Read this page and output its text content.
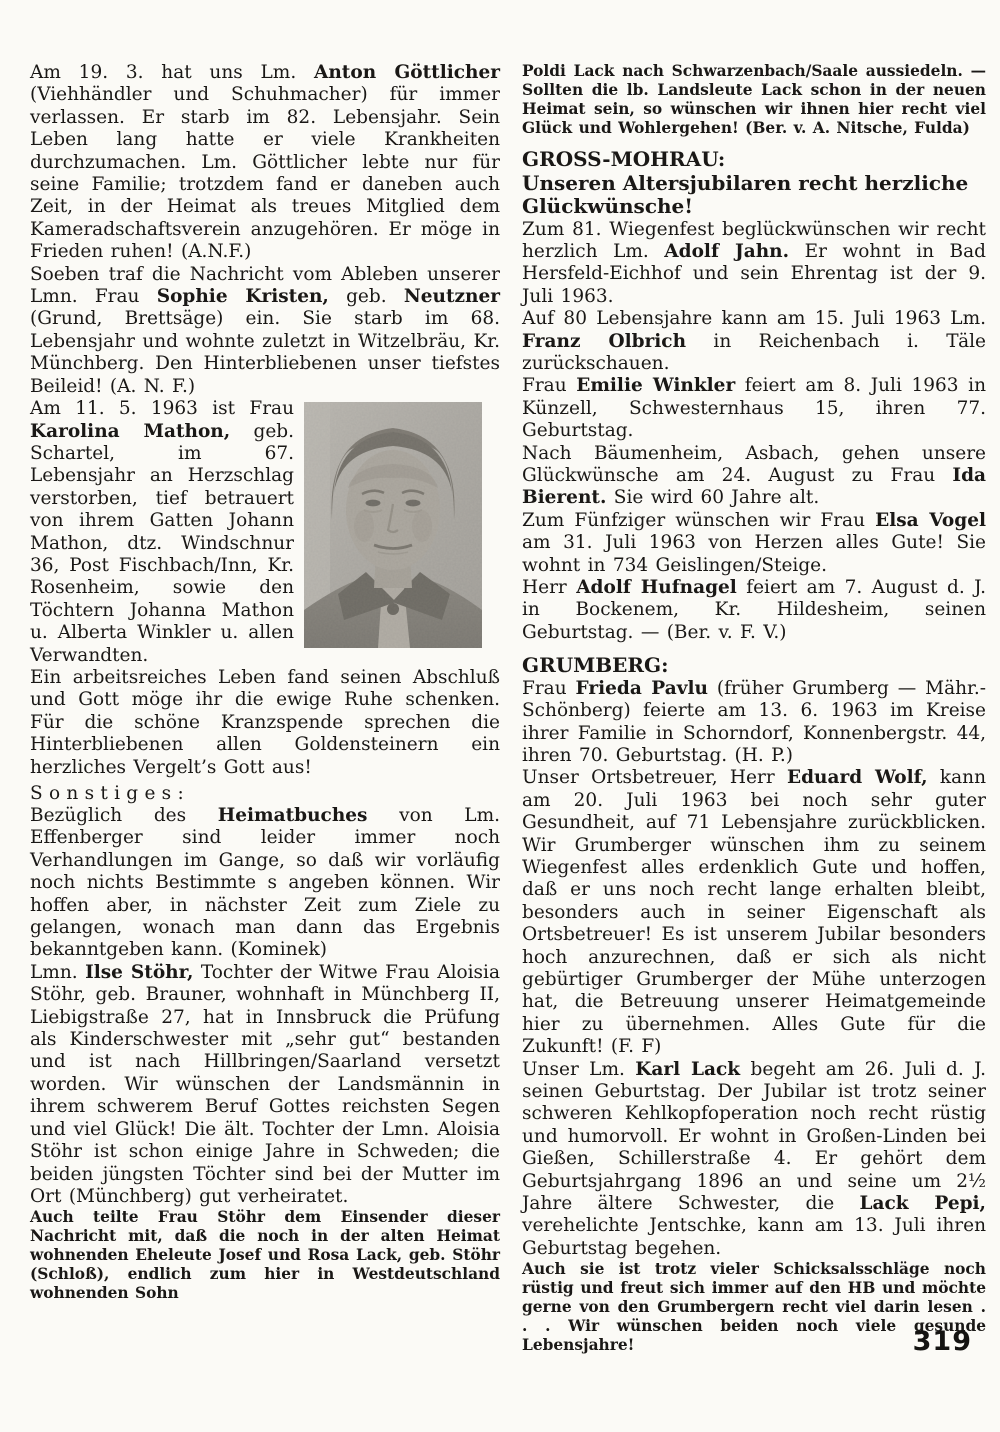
Am 19. 3. hat uns Lm. Anton Göttlicher (Viehhändler und Schuhmacher) für immer verlassen. Er starb im 82. Lebensjahr. Sein Leben lang hatte er viele Krankheiten durchzumachen. Lm. Göttlicher lebte nur für seine Familie; trotzdem fand er daneben auch Zeit, in der Heimat als treues Mitglied dem Kameradschaftsverein anzugehören. Er möge in Frieden ruhen! (A.N.F.)

Soeben traf die Nachricht vom Ableben unserer Lmn. Frau Sophie Kristen, geb. Neutzner (Grund, Brettsäge) ein. Sie starb im 68. Lebensjahr und wohnte zuletzt in Witzelbräu, Kr. Münchberg. Den Hinterbliebenen unser tiefstes Beileid! (A. N. F.)

Am 11. 5. 1963 ist Frau Karolina Mathon, geb. Schartel, im 67. Lebensjahr an Herzschlag verstorben, tief betrauert von ihrem Gatten Johann Mathon, dtz. Windschnur 36, Post Fischbach/Inn, Kr. Rosenheim, sowie den Töchtern Johanna Mathon u. Alberta Winkler u. allen Verwandten.

Ein arbeitsreiches Leben fand seinen Abschluß und Gott möge ihr die ewige Ruhe schenken. Für die schöne Kranzspende sprechen die Hinterbliebenen allen Goldensteinern ein herzliches Vergelt’s Gott aus!

Sonstiges:

Bezüglich des Heimatbuches von Lm. Effenberger sind leider immer noch Verhandlungen im Gange, so daß wir vorläufig noch nichts Bestimmte s angeben können. Wir hoffen aber, in nächster Zeit zum Ziele zu gelangen, wonach man dann das Ergebnis bekanntgeben kann. (Kominek)

Lmn. Ilse Stöhr, Tochter der Witwe Frau Aloisia Stöhr, geb. Brauner, wohnhaft in Münchberg II, Liebigstraße 27, hat in Innsbruck die Prüfung als Kinderschwester mit „sehr gut“ bestanden und ist nach Hillbringen/Saarland versetzt worden. Wir wünschen der Landsmännin in ihrem schwerem Beruf Gottes reichsten Segen und viel Glück! Die ält. Tochter der Lmn. Aloisia Stöhr ist schon einige Jahre in Schweden; die beiden jüngsten Töchter sind bei der Mutter im Ort (Münchberg) gut verheiratet.

Auch teilte Frau Stöhr dem Einsender dieser Nachricht mit, daß die noch in der alten Heimat wohnenden Eheleute Josef und Rosa Lack, geb. Stöhr (Schloß), endlich zum hier in Westdeutschland wohnenden Sohn

Poldi Lack nach Schwarzenbach/Saale aussiedeln. — Sollten die lb. Landsleute Lack schon in der neuen Heimat sein, so wünschen wir ihnen hier recht viel Glück und Wohlergehen! (Ber. v. A. Nitsche, Fulda)

GROSS-MOHRAU:

Unseren Altersjubilaren recht herzliche Glückwünsche!

Zum 81. Wiegenfest beglückwünschen wir recht herzlich Lm. Adolf Jahn. Er wohnt in Bad Hersfeld-Eichhof und sein Ehrentag ist der 9. Juli 1963.

Auf 80 Lebensjahre kann am 15. Juli 1963 Lm. Franz Olbrich in Reichenbach i. Täle zurückschauen.

Frau Emilie Winkler feiert am 8. Juli 1963 in Künzell, Schwesternhaus 15, ihren 77. Geburtstag.

Nach Bäumenheim, Asbach, gehen unsere Glückwünsche am 24. August zu Frau Ida Bierent. Sie wird 60 Jahre alt.

Zum Fünfziger wünschen wir Frau Elsa Vogel am 31. Juli 1963 von Herzen alles Gute! Sie wohnt in 734 Geislingen/Steige.

Herr Adolf Hufnagel feiert am 7. August d. J. in Bockenem, Kr. Hildesheim, seinen Geburtstag. — (Ber. v. F. V.)

GRUMBERG:

Frau Frieda Pavlu (früher Grumberg — Mähr.-Schönberg) feierte am 13. 6. 1963 im Kreise ihrer Familie in Schorndorf, Konnenbergstr. 44, ihren 70. Geburtstag. (H. P.)

Unser Ortsbetreuer, Herr Eduard Wolf, kann am 20. Juli 1963 bei noch sehr guter Gesundheit, auf 71 Lebensjahre zurückblicken. Wir Grumberger wünschen ihm zu seinem Wiegenfest alles erdenklich Gute und hoffen, daß er uns noch recht lange erhalten bleibt, besonders auch in seiner Eigenschaft als Ortsbetreuer! Es ist unserem Jubilar besonders hoch anzurechnen, daß er sich als nicht gebürtiger Grumberger der Mühe unterzogen hat, die Betreuung unserer Heimatgemeinde hier zu übernehmen. Alles Gute für die Zukunft! (F. F)

Unser Lm. Karl Lack begeht am 26. Juli d. J. seinen Geburtstag. Der Jubilar ist trotz seiner schweren Kehlkopfoperation noch recht rüstig und humorvoll. Er wohnt in Großen-Linden bei Gießen, Schillerstraße 4. Er gehört dem Geburtsjahrgang 1896 an und seine um 2½ Jahre ältere Schwester, die Lack Pepi, verehelichte Jentschke, kann am 13. Juli ihren Geburtstag begehen.

Auch sie ist trotz vieler Schicksalsschläge noch rüstig und freut sich immer auf den HB und möchte gerne von den Grumbergern recht viel darin lesen . . . Wir wünschen beiden noch viele gesunde Lebensjahre!	319
